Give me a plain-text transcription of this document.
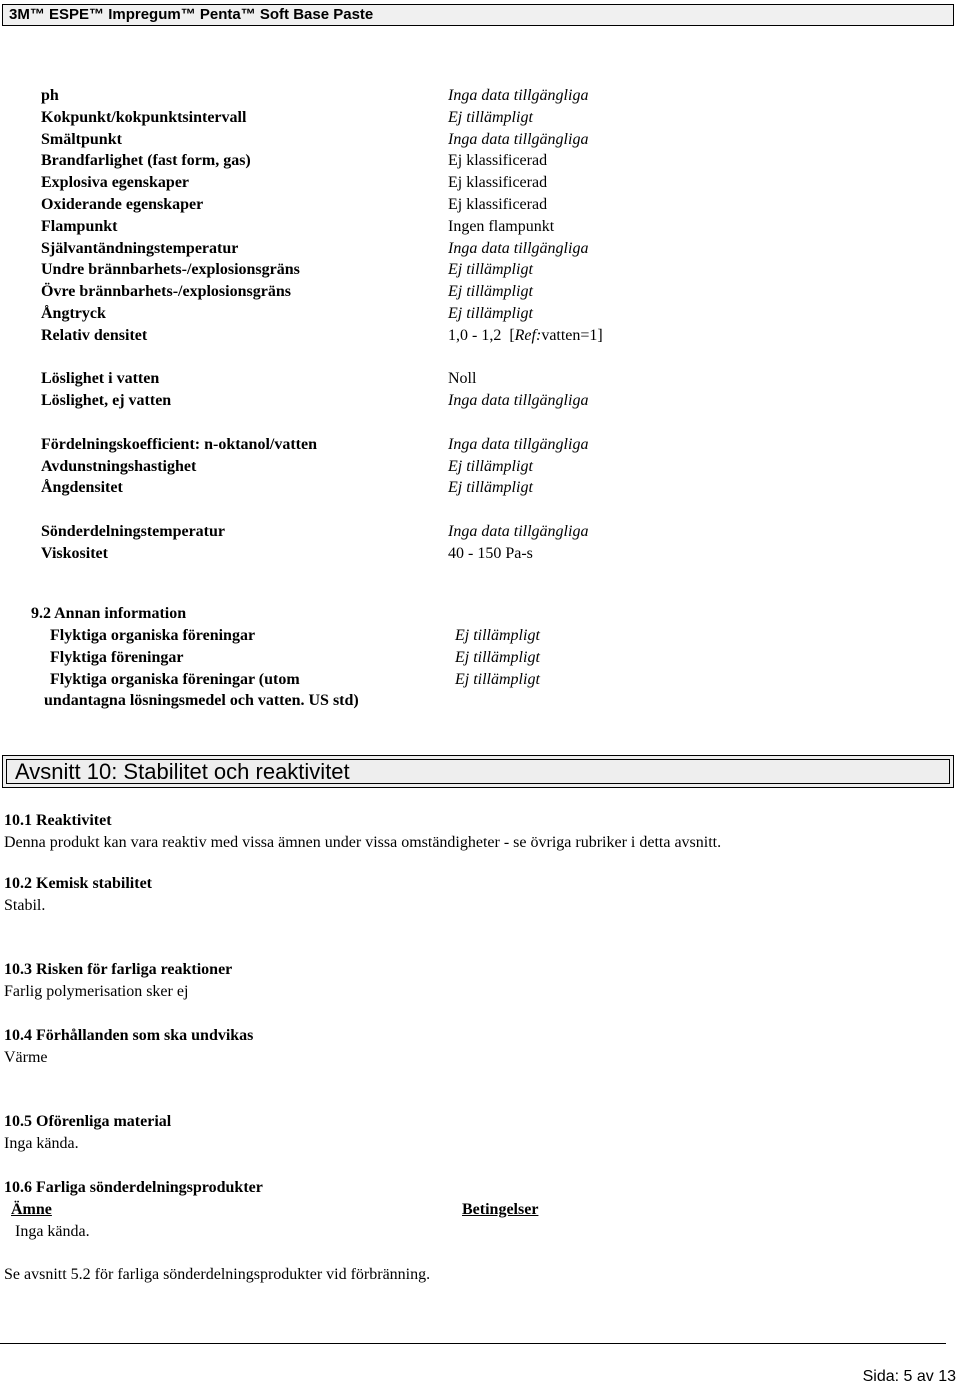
3M™ ESPE™ Impregum™ Penta™ Soft Base Paste
ph	Inga data tillgängliga
Kokpunkt/kokpunktsintervall	Ej tillämpligt
Smältpunkt	Inga data tillgängliga
Brandfarlighet (fast form, gas)	Ej klassificerad
Explosiva egenskaper	Ej klassificerad
Oxiderande egenskaper	Ej klassificerad
Flampunkt	Ingen flampunkt
Självantändningstemperatur	Inga data tillgängliga
Undre brännbarhets-/explosionsgräns	Ej tillämpligt
Övre brännbarhets-/explosionsgräns	Ej tillämpligt
Ångtryck	Ej tillämpligt
Relativ densitet	1,0 - 1,2  [Ref:vatten=1]
Löslighet i vatten	Noll
Löslighet, ej vatten	Inga data tillgängliga
Fördelningskoefficient: n-oktanol/vatten	Inga data tillgängliga
Avdunstningshastighet	Ej tillämpligt
Ångdensitet	Ej tillämpligt
Sönderdelningstemperatur	Inga data tillgängliga
Viskositet	40 - 150 Pa-s
9.2 Annan information
Flyktiga organiska föreningar	Ej tillämpligt
Flyktiga föreningar	Ej tillämpligt
Flyktiga organiska föreningar (utom	Ej tillämpligt
undantagna lösningsmedel och vatten. US std)
Avsnitt 10: Stabilitet och reaktivitet
10.1 Reaktivitet
Denna produkt kan vara reaktiv med vissa ämnen under vissa omständigheter - se övriga rubriker i detta avsnitt.
10.2 Kemisk stabilitet
Stabil.
10.3 Risken för farliga reaktioner
Farlig polymerisation sker ej
10.4 Förhållanden som ska undvikas
Värme
10.5 Oförenliga material
Inga kända.
10.6 Farliga sönderdelningsprodukter
Ämne	Betingelser
Inga kända.
Se avsnitt 5.2 för farliga sönderdelningsprodukter vid förbränning.
Sida: 5 av 13
